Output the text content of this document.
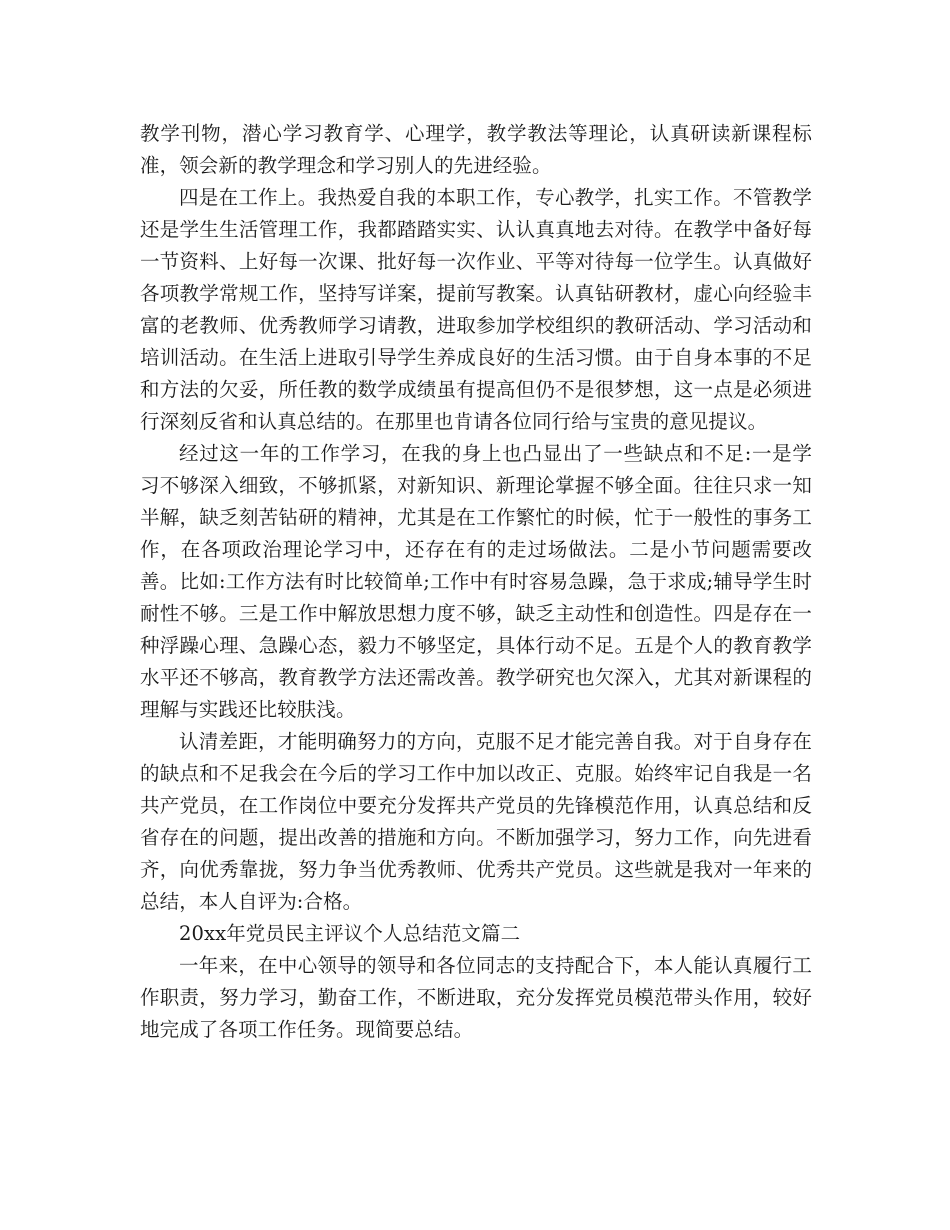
教学刊物，潜心学习教育学、心理学，教学教法等理论，认真研读新课程标准，领会新的教学理念和学习别人的先进经验。

四是在工作上。我热爱自我的本职工作，专心教学，扎实工作。不管教学还是学生生活管理工作，我都踏踏实实、认认真真地去对待。在教学中备好每一节资料、上好每一次课、批好每一次作业、平等对待每一位学生。认真做好各项教学常规工作，坚持写详案，提前写教案。认真钻研教材，虚心向经验丰富的老教师、优秀教师学习请教，进取参加学校组织的教研活动、学习活动和培训活动。在生活上进取引导学生养成良好的生活习惯。由于自身本事的不足和方法的欠妥，所任教的数学成绩虽有提高但仍不是很梦想，这一点是必须进行深刻反省和认真总结的。在那里也肯请各位同行给与宝贵的意见提议。

经过这一年的工作学习，在我的身上也凸显出了一些缺点和不足:一是学习不够深入细致，不够抓紧，对新知识、新理论掌握不够全面。往往只求一知半解，缺乏刻苦钻研的精神，尤其是在工作繁忙的时候，忙于一般性的事务工作，在各项政治理论学习中，还存在有的走过场做法。二是小节问题需要改善。比如:工作方法有时比较简单;工作中有时容易急躁，急于求成;辅导学生时耐性不够。三是工作中解放思想力度不够，缺乏主动性和创造性。四是存在一种浮躁心理、急躁心态，毅力不够坚定，具体行动不足。五是个人的教育教学水平还不够高，教育教学方法还需改善。教学研究也欠深入，尤其对新课程的理解与实践还比较肤浅。

认清差距，才能明确努力的方向，克服不足才能完善自我。对于自身存在的缺点和不足我会在今后的学习工作中加以改正、克服。始终牢记自我是一名共产党员，在工作岗位中要充分发挥共产党员的先锋模范作用，认真总结和反省存在的问题，提出改善的措施和方向。不断加强学习，努力工作，向先进看齐，向优秀靠拢，努力争当优秀教师、优秀共产党员。这些就是我对一年来的总结，本人自评为:合格。

20xx年党员民主评议个人总结范文篇二

一年来，在中心领导的领导和各位同志的支持配合下，本人能认真履行工作职责，努力学习，勤奋工作，不断进取，充分发挥党员模范带头作用，较好地完成了各项工作任务。现简要总结。
